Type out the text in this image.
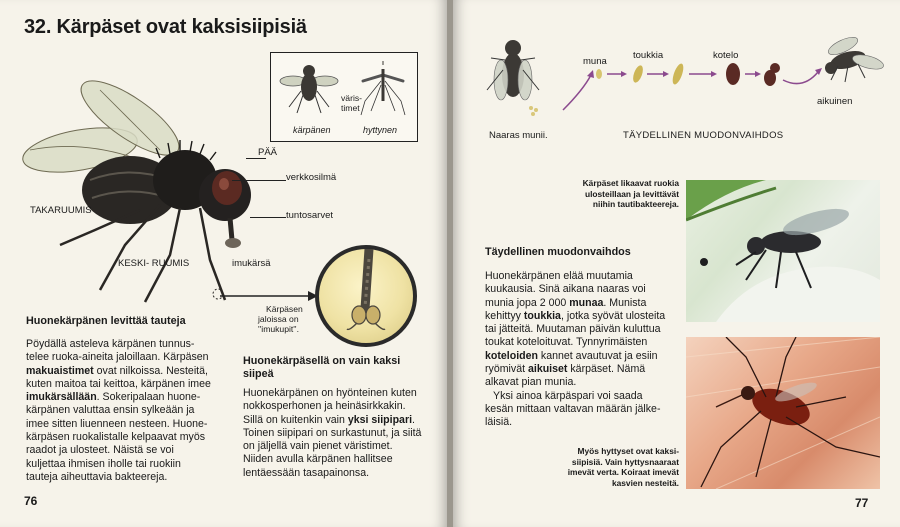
32. Kärpäset ovat kaksisiipisiä
PÄÄ
verkkosilmä
TAKARUUMIS	tuntosarvet
KESKI- RUUMIS	imukärsä
väris-
timet
kärpänen	hyttynen
Kärpäsen
jaloissa on
''imukupit''.
Huonekärpänen levittää tauteja
Pöydällä asteleva kärpänen tunnus-
telee ruoka-aineita jaloillaan. Kärpäsen
makuaistimet ovat nilkoissa. Nesteitä,
kuten maitoa tai keittoa, kärpänen imee
imukärsällään. Sokeripalaan huone-
kärpänen valuttaa ensin sylkeään ja
imee sitten liuenneen nesteen. Huone-
kärpäsen ruokalistalle kelpaavat myös
raadot ja ulosteet. Näistä se voi
kuljettaa ihmisen iholle tai ruokiin
tauteja aiheuttavia bakteereja.
Huonekärpäsellä on vain kaksi
siipeä
Huonekärpänen on hyönteinen kuten
nokkosperhonen ja heinäsirkkakin.
Sillä on kuitenkin vain yksi siipipari.
Toinen siipipari on surkastunut, ja siitä
on jäljellä vain pienet väristimet.
Niiden avulla kärpänen hallitsee
lentäessään tasapainonsa.
76
muna
toukkia	kotelo
aikuinen
Naaras munii.	TÄYDELLINEN MUODONVAIHDOS
Kärpäset likaavat ruokia
ulosteillaan ja levittävät
niihin tautibakteereja.
Täydellinen muodonvaihdos
Huonekärpänen elää muutamia
kuukausia. Sinä aikana naaras voi
munia jopa 2 000 munaa. Munista
kehittyy toukkia, jotka syövät ulosteita
tai jätteitä. Muutaman päivän kuluttua
toukat koteloituvat. Tynnyrimäisten
koteloiden kannet avautuvat ja esiin
ryömivät aikuiset kärpäset. Nämä
alkavat pian munia.
Yksi ainoa kärpäspari voi saada
kesän mittaan valtavan määrän jälke-
läisiä.
Myös hyttyset ovat kaksi-
siipisiä. Vain hyttysnaaraat
imevät verta. Koiraat imevät
kasvien nesteitä.
77
